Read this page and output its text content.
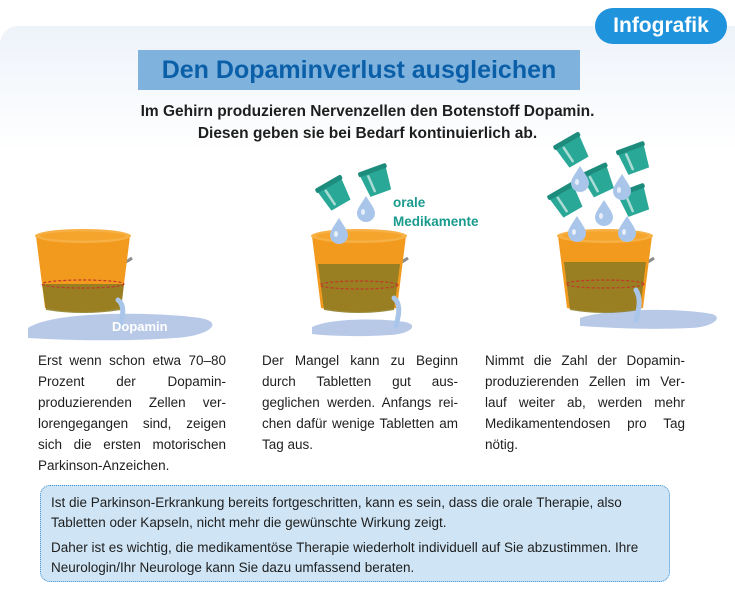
Infografik
Den Dopaminverlust ausgleichen
Im Gehirn produzieren Nervenzellen den Botenstoff Dopamin.
Diesen geben sie bei Bedarf kontinuierlich ab.
Dopamin
orale
Medikamente

Erst wenn schon etwa 70–80 Prozent der Dopamin-​produzierenden Zellen ver-​lorengegangen sind, zeigen sich die ersten motorischen Parkinson-Anzeichen.

Der Mangel kann zu Beginn durch Tabletten gut aus-​geglichen werden. Anfangs rei-​chen dafür wenige Tabletten am Tag aus.

Nimmt die Zahl der Dopamin-​produzierenden Zellen im Ver-​lauf weiter ab, werden mehr Medikamentendosen pro Tag nötig.

Ist die Parkinson-Erkrankung bereits fortgeschritten, kann es sein, dass die orale Therapie, also Tabletten oder Kapseln, nicht mehr die gewünschte Wirkung zeigt.

Daher ist es wichtig, die medikamentöse Therapie wiederholt individuell auf Sie abzustimmen. Ihre Neurologin/Ihr Neurologe kann Sie dazu umfassend beraten.
